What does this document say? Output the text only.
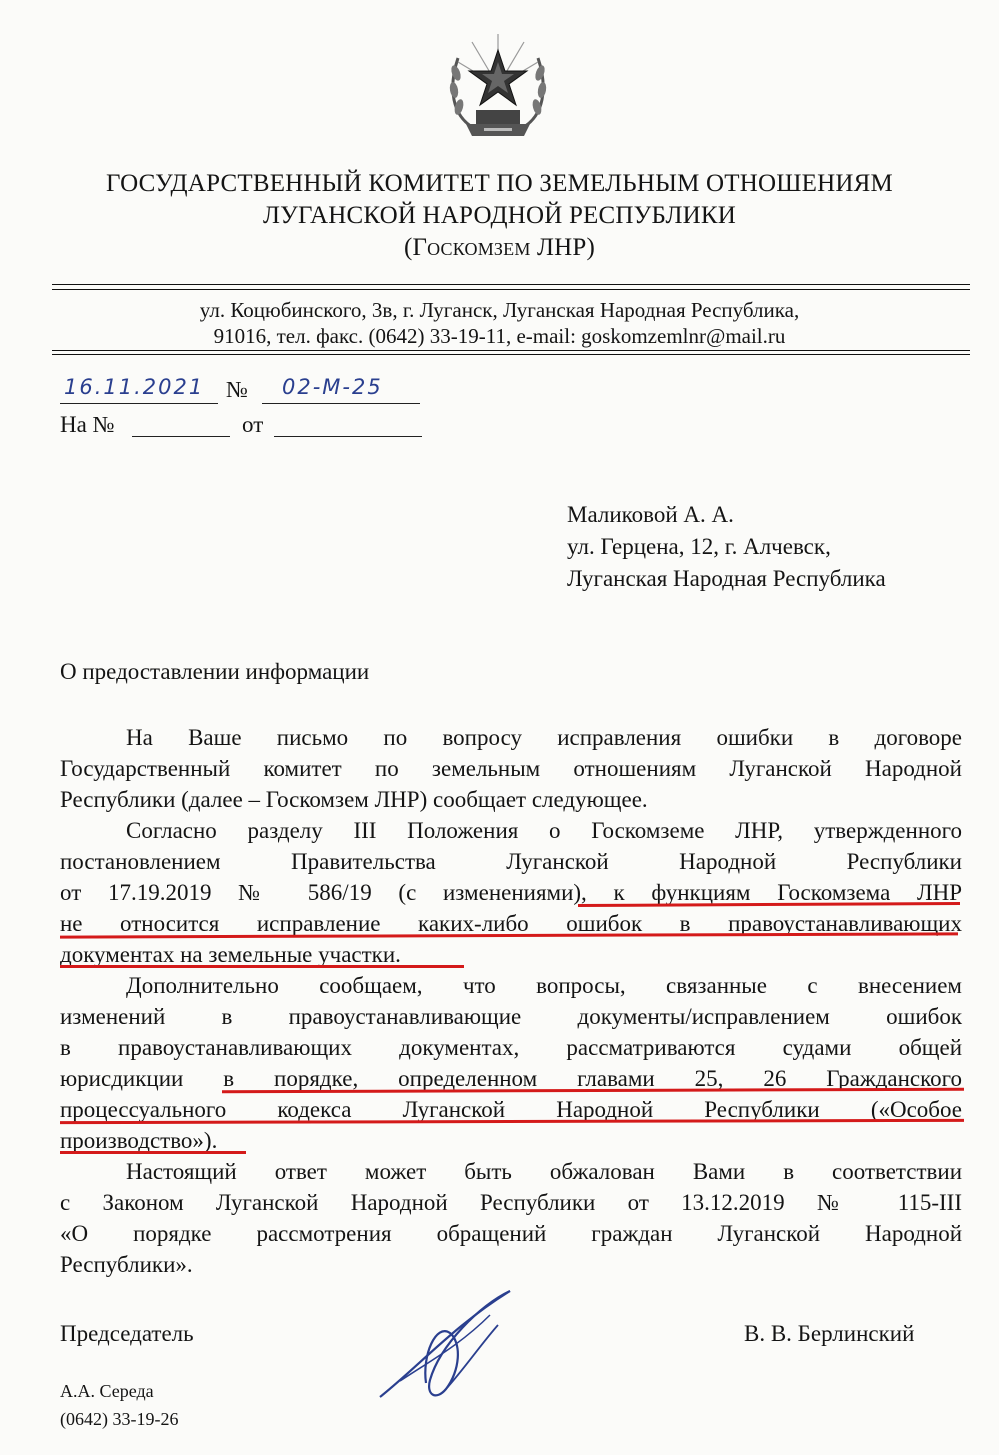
ГОСУДАРСТВЕННЫЙ КОМИТЕТ ПО ЗЕМЕЛЬНЫМ ОТНОШЕНИЯМ
ЛУГАНСКОЙ НАРОДНОЙ РЕСПУБЛИКИ
(Госкомзем ЛНР)
ул. Коцюбинского, 3в, г. Луганск, Луганская Народная Республика,
91016, тел. факс. (0642) 33-19-11, e-mail: goskomzemlnr@mail.ru
16.11.2021 № 02-М-25
На №	от
Маликовой А. А.
ул. Герцена, 12, г. Алчевск,
Луганская Народная Республика
О предоставлении информации
На Ваше письмо по вопросу исправления ошибки в договоре
Государственный комитет по земельным отношениям Луганской Народной
Республики (далее – Госкомзем ЛНР) сообщает следующее.
Согласно разделу III Положения о Госкомземе ЛНР, утвержденного
постановлением Правительства Луганской Народной Республики
от 17.19.2019 № 586/19 (с изменениями), к функциям Госкомзема ЛНР
не относится исправление каких-либо ошибок в правоустанавливающих
документах на земельные участки.
Дополнительно сообщаем, что вопросы, связанные с внесением
изменений в правоустанавливающие документы/исправлением ошибок
в правоустанавливающих документах, рассматриваются судами общей
юрисдикции в порядке, определенном главами 25, 26 Гражданского
процессуального кодекса Луганской Народной Республики («Особое
производство»).
Настоящий ответ может быть обжалован Вами в соответствии
с Законом Луганской Народной Республики от 13.12.2019 № 115-III
«О порядке рассмотрения обращений граждан Луганской Народной
Республики».
Председатель	В. В. Берлинский
А.А. Середа
(0642) 33-19-26
